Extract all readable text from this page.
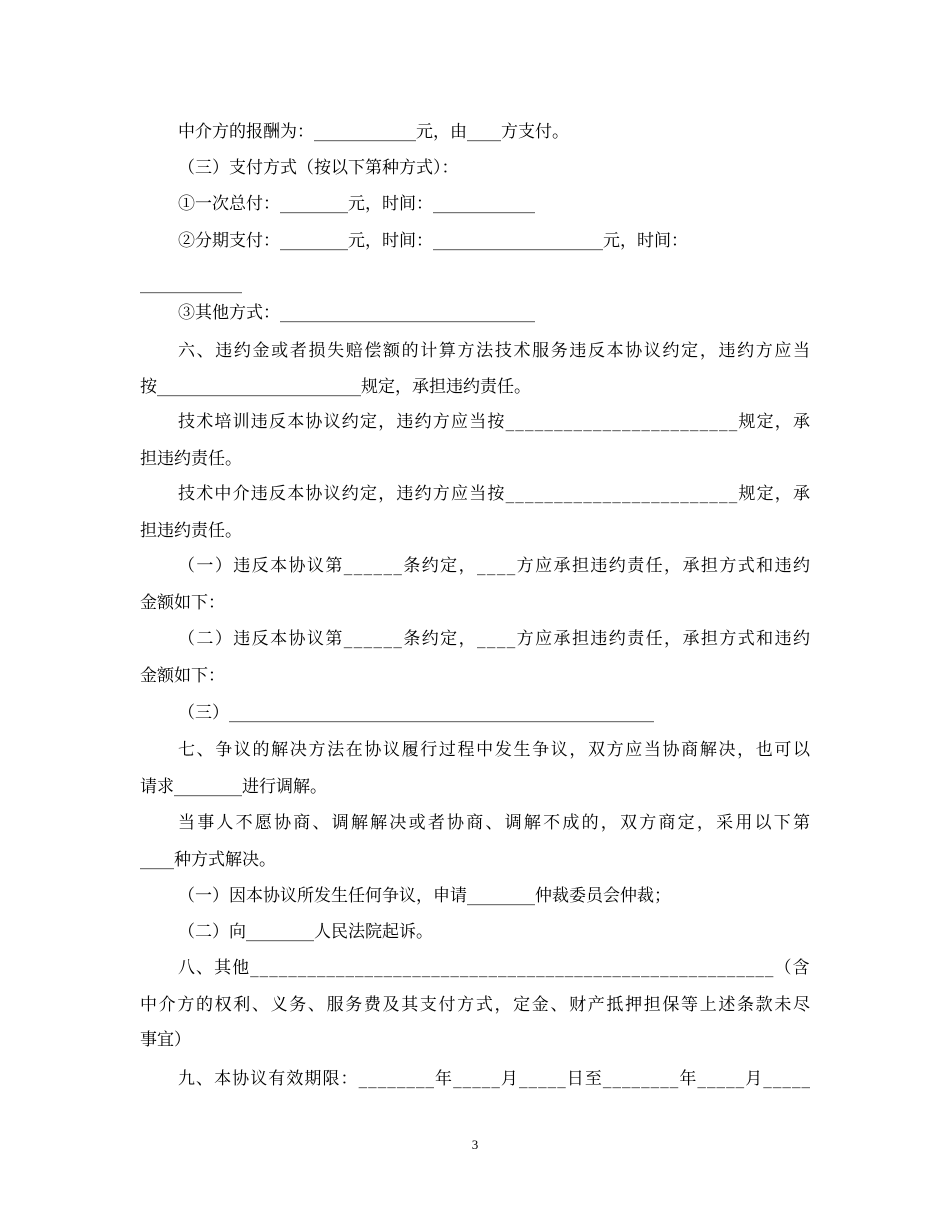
中介方的报酬为：____________元，由____方支付。
（三）支付方式（按以下第种方式）：
①一次总付：________元，时间：____________
②分期支付：________元，时间：____________________元，时间：
____________
③其他方式：______________________________
六、违约金或者损失赔偿额的计算方法技术服务违反本协议约定，违约方应当
按________________________规定，承担违约责任。
技术培训违反本协议约定，违约方应当按________________________规定，承
担违约责任。
技术中介违反本协议约定，违约方应当按________________________规定，承
担违约责任。
（一）违反本协议第______条约定，____方应承担违约责任，承担方式和违约
金额如下：
（二）违反本协议第______条约定，____方应承担违约责任，承担方式和违约
金额如下：
（三）__________________________________________________
七、争议的解决方法在协议履行过程中发生争议，双方应当协商解决，也可以
请求________进行调解。
当事人不愿协商、调解解决或者协商、调解不成的，双方商定，采用以下第
____种方式解决。
（一）因本协议所发生任何争议，申请________仲裁委员会仲裁；
（二）向________人民法院起诉。
八、其他_______________________________________________________（含
中介方的权利、义务、服务费及其支付方式，定金、财产抵押担保等上述条款未尽
事宜）
九、本协议有效期限：________年_____月_____日至________年_____月_____
3
